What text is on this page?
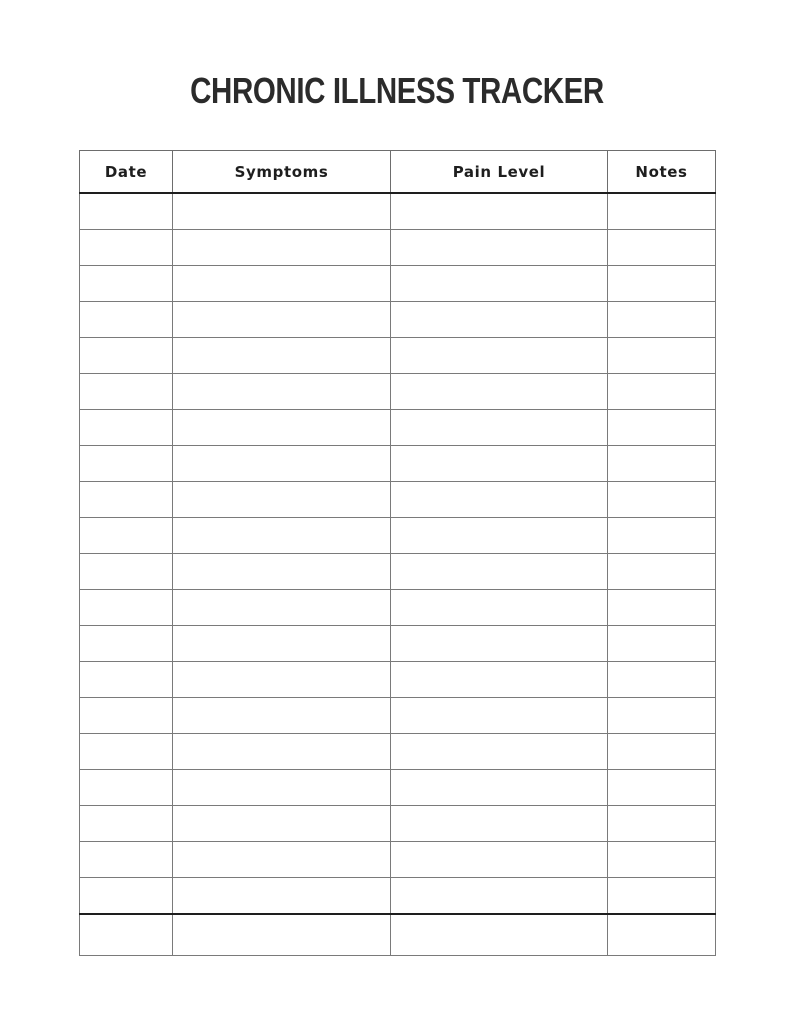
CHRONIC ILLNESS TRACKER
Date	Symptoms	Pain Level	Notes
